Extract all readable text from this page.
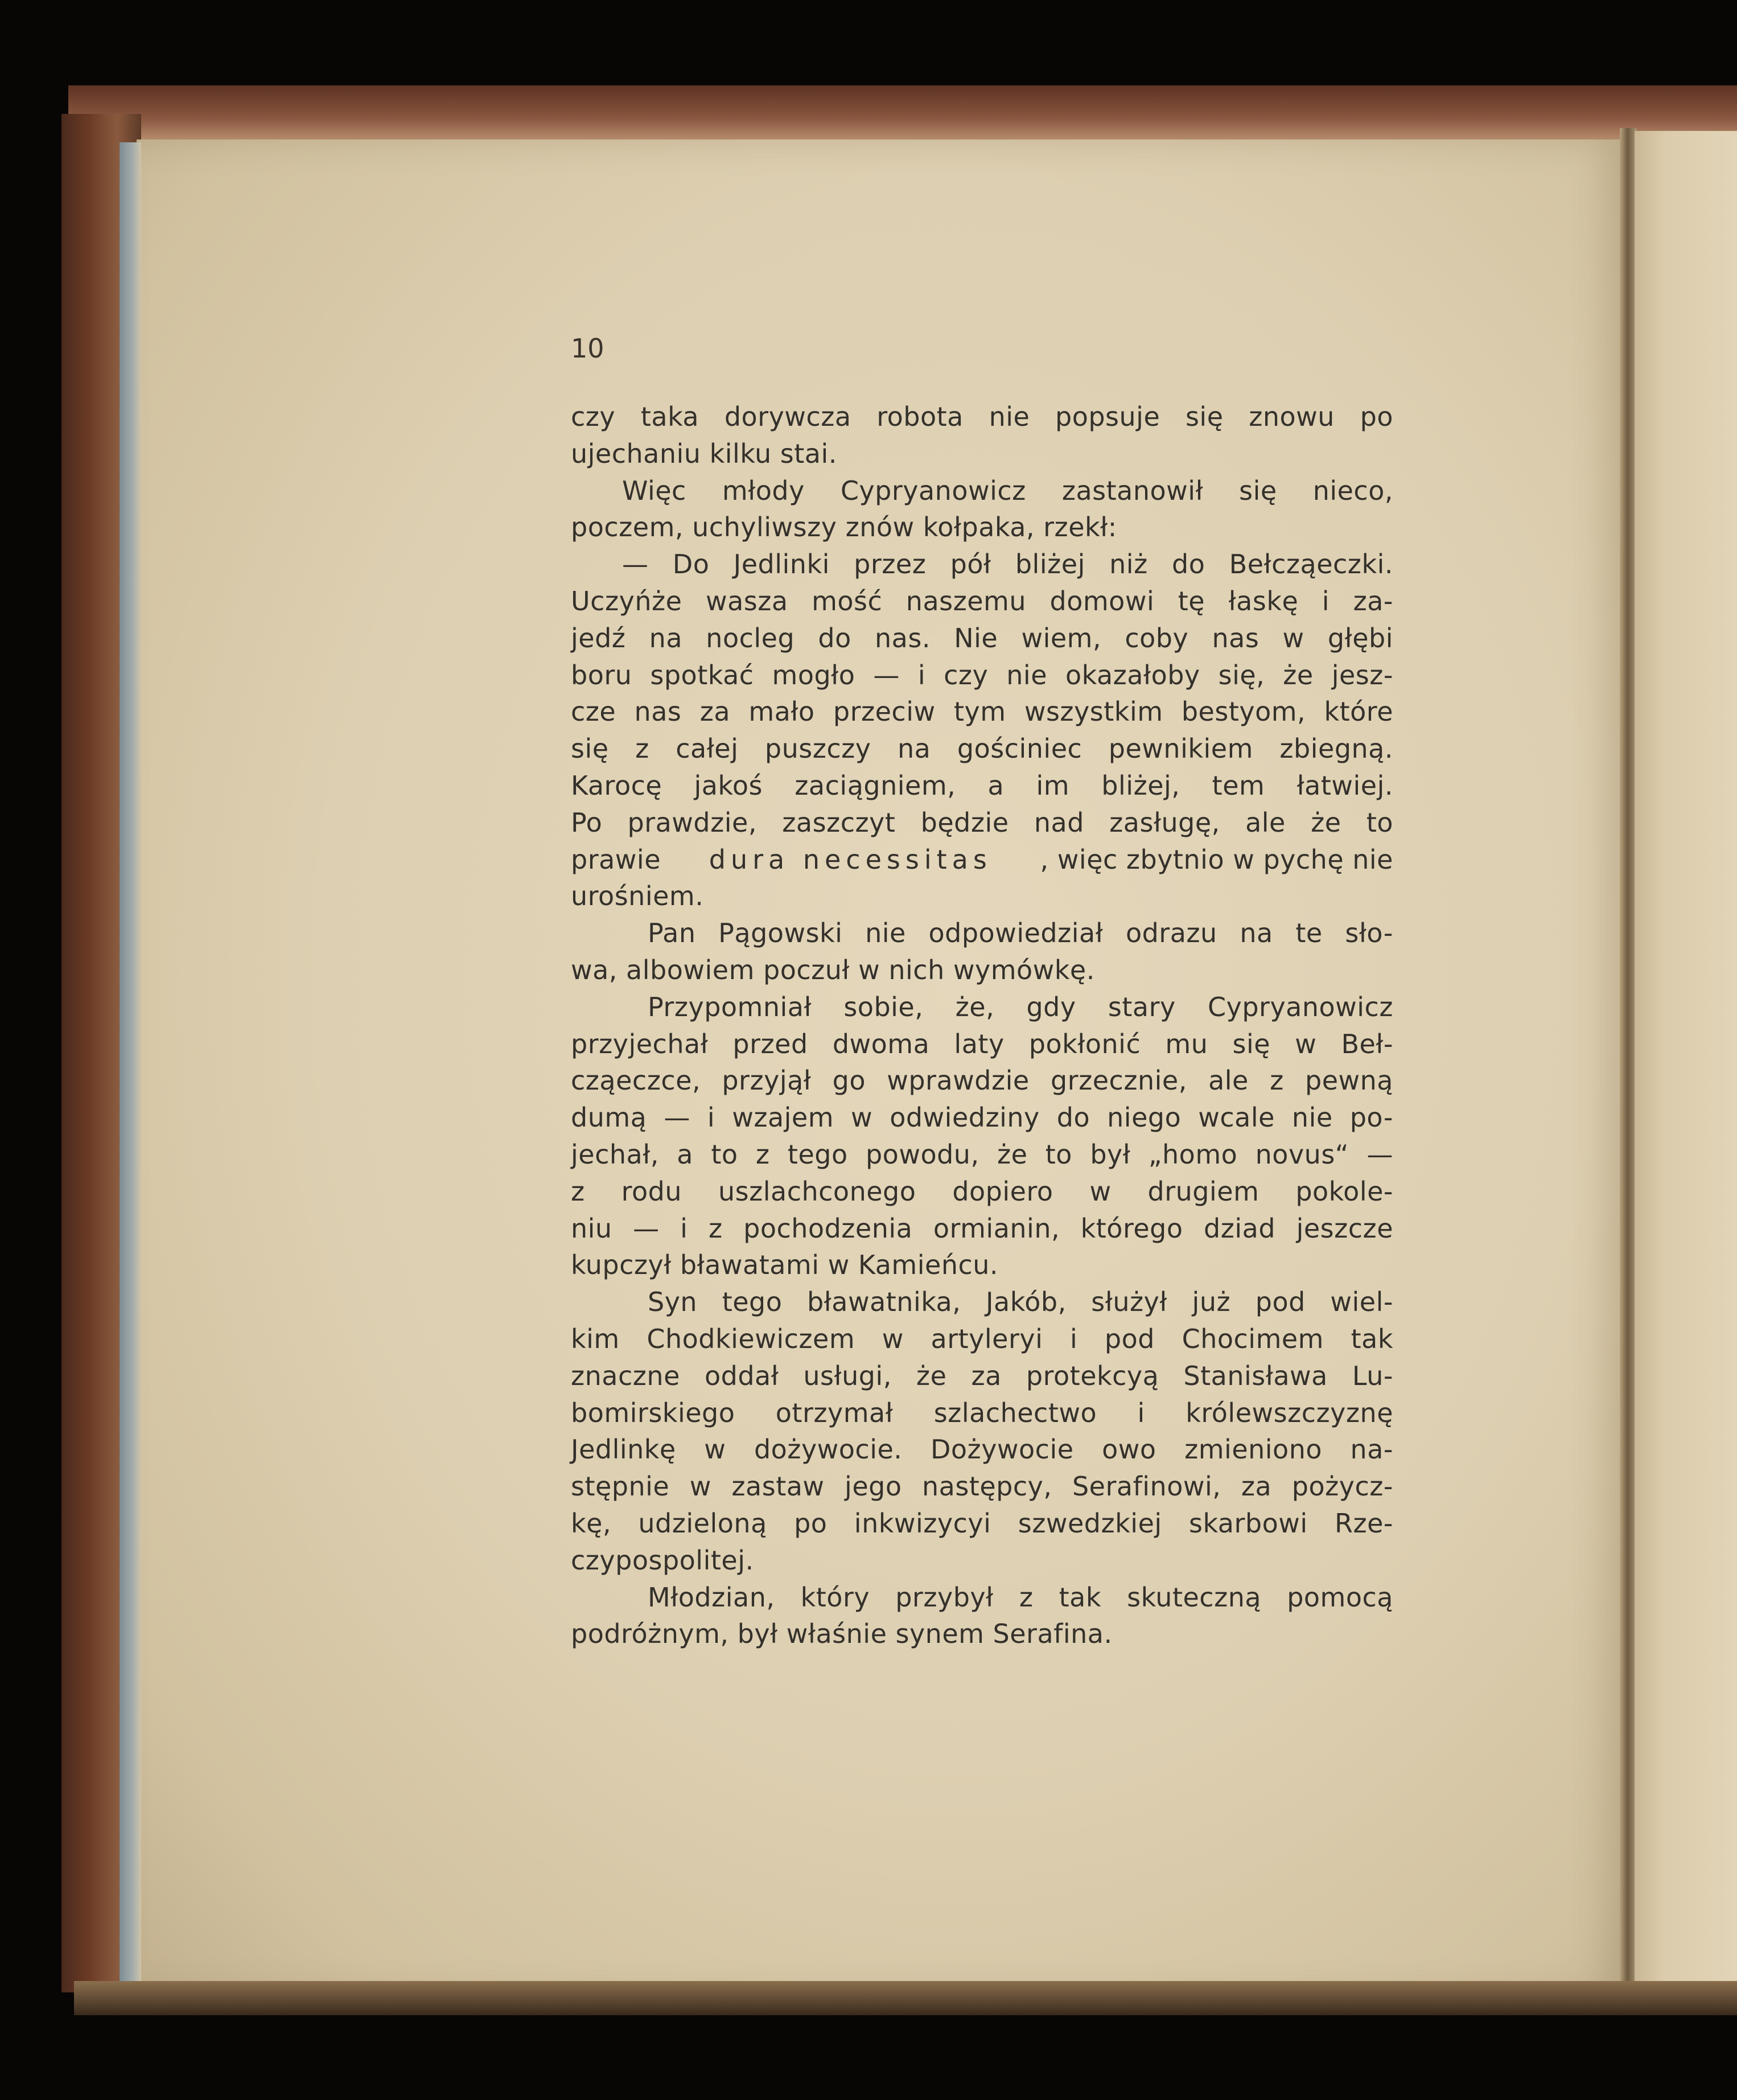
10
czy taka dorywcza robota nie popsuje się znowu po
ujechaniu kilku stai.
Więc młody Cypryanowicz zastanowił się nieco,
poczem, uchyliwszy znów kołpaka, rzekł:
— Do Jedlinki przez pół bliżej niż do Bełcząeczki.
Uczyńże wasza mość naszemu domowi tę łaskę i za-
jedź na nocleg do nas. Nie wiem, coby nas w głębi
boru spotkać mogło — i czy nie okazałoby się, że jesz-
cze nas za mało przeciw tym wszystkim bestyom, które
się z całej puszczy na gościniec pewnikiem zbiegną.
Karocę jakoś zaciągniem, a im bliżej, tem łatwiej.
Po prawdzie, zaszczyt będzie nad zasługę, ale że to
prawie dura necessitas , więc zbytnio w pychę nie
urośniem.
Pan Pągowski nie odpowiedział odrazu na te sło-
wa, albowiem poczuł w nich wymówkę.
Przypomniał sobie, że, gdy stary Cypryanowicz
przyjechał przed dwoma laty pokłonić mu się w Beł-
cząeczce, przyjął go wprawdzie grzecznie, ale z pewną
dumą — i wzajem w odwiedziny do niego wcale nie po-
jechał, a to z tego powodu, że to był „homo novus“ —
z rodu uszlachconego dopiero w drugiem pokole-
niu — i z pochodzenia ormianin, którego dziad jeszcze
kupczył bławatami w Kamieńcu.
Syn tego bławatnika, Jakób, służył już pod wiel-
kim Chodkiewiczem w artyleryi i pod Chocimem tak
znaczne oddał usługi, że za protekcyą Stanisława Lu-
bomirskiego otrzymał szlachectwo i królewszczyznę
Jedlinkę w dożywocie. Dożywocie owo zmieniono na-
stępnie w zastaw jego następcy, Serafinowi, za pożycz-
kę, udzieloną po inkwizycyi szwedzkiej skarbowi Rze-
czypospolitej.
Młodzian, który przybył z tak skuteczną pomocą
podróżnym, był właśnie synem Serafina.
